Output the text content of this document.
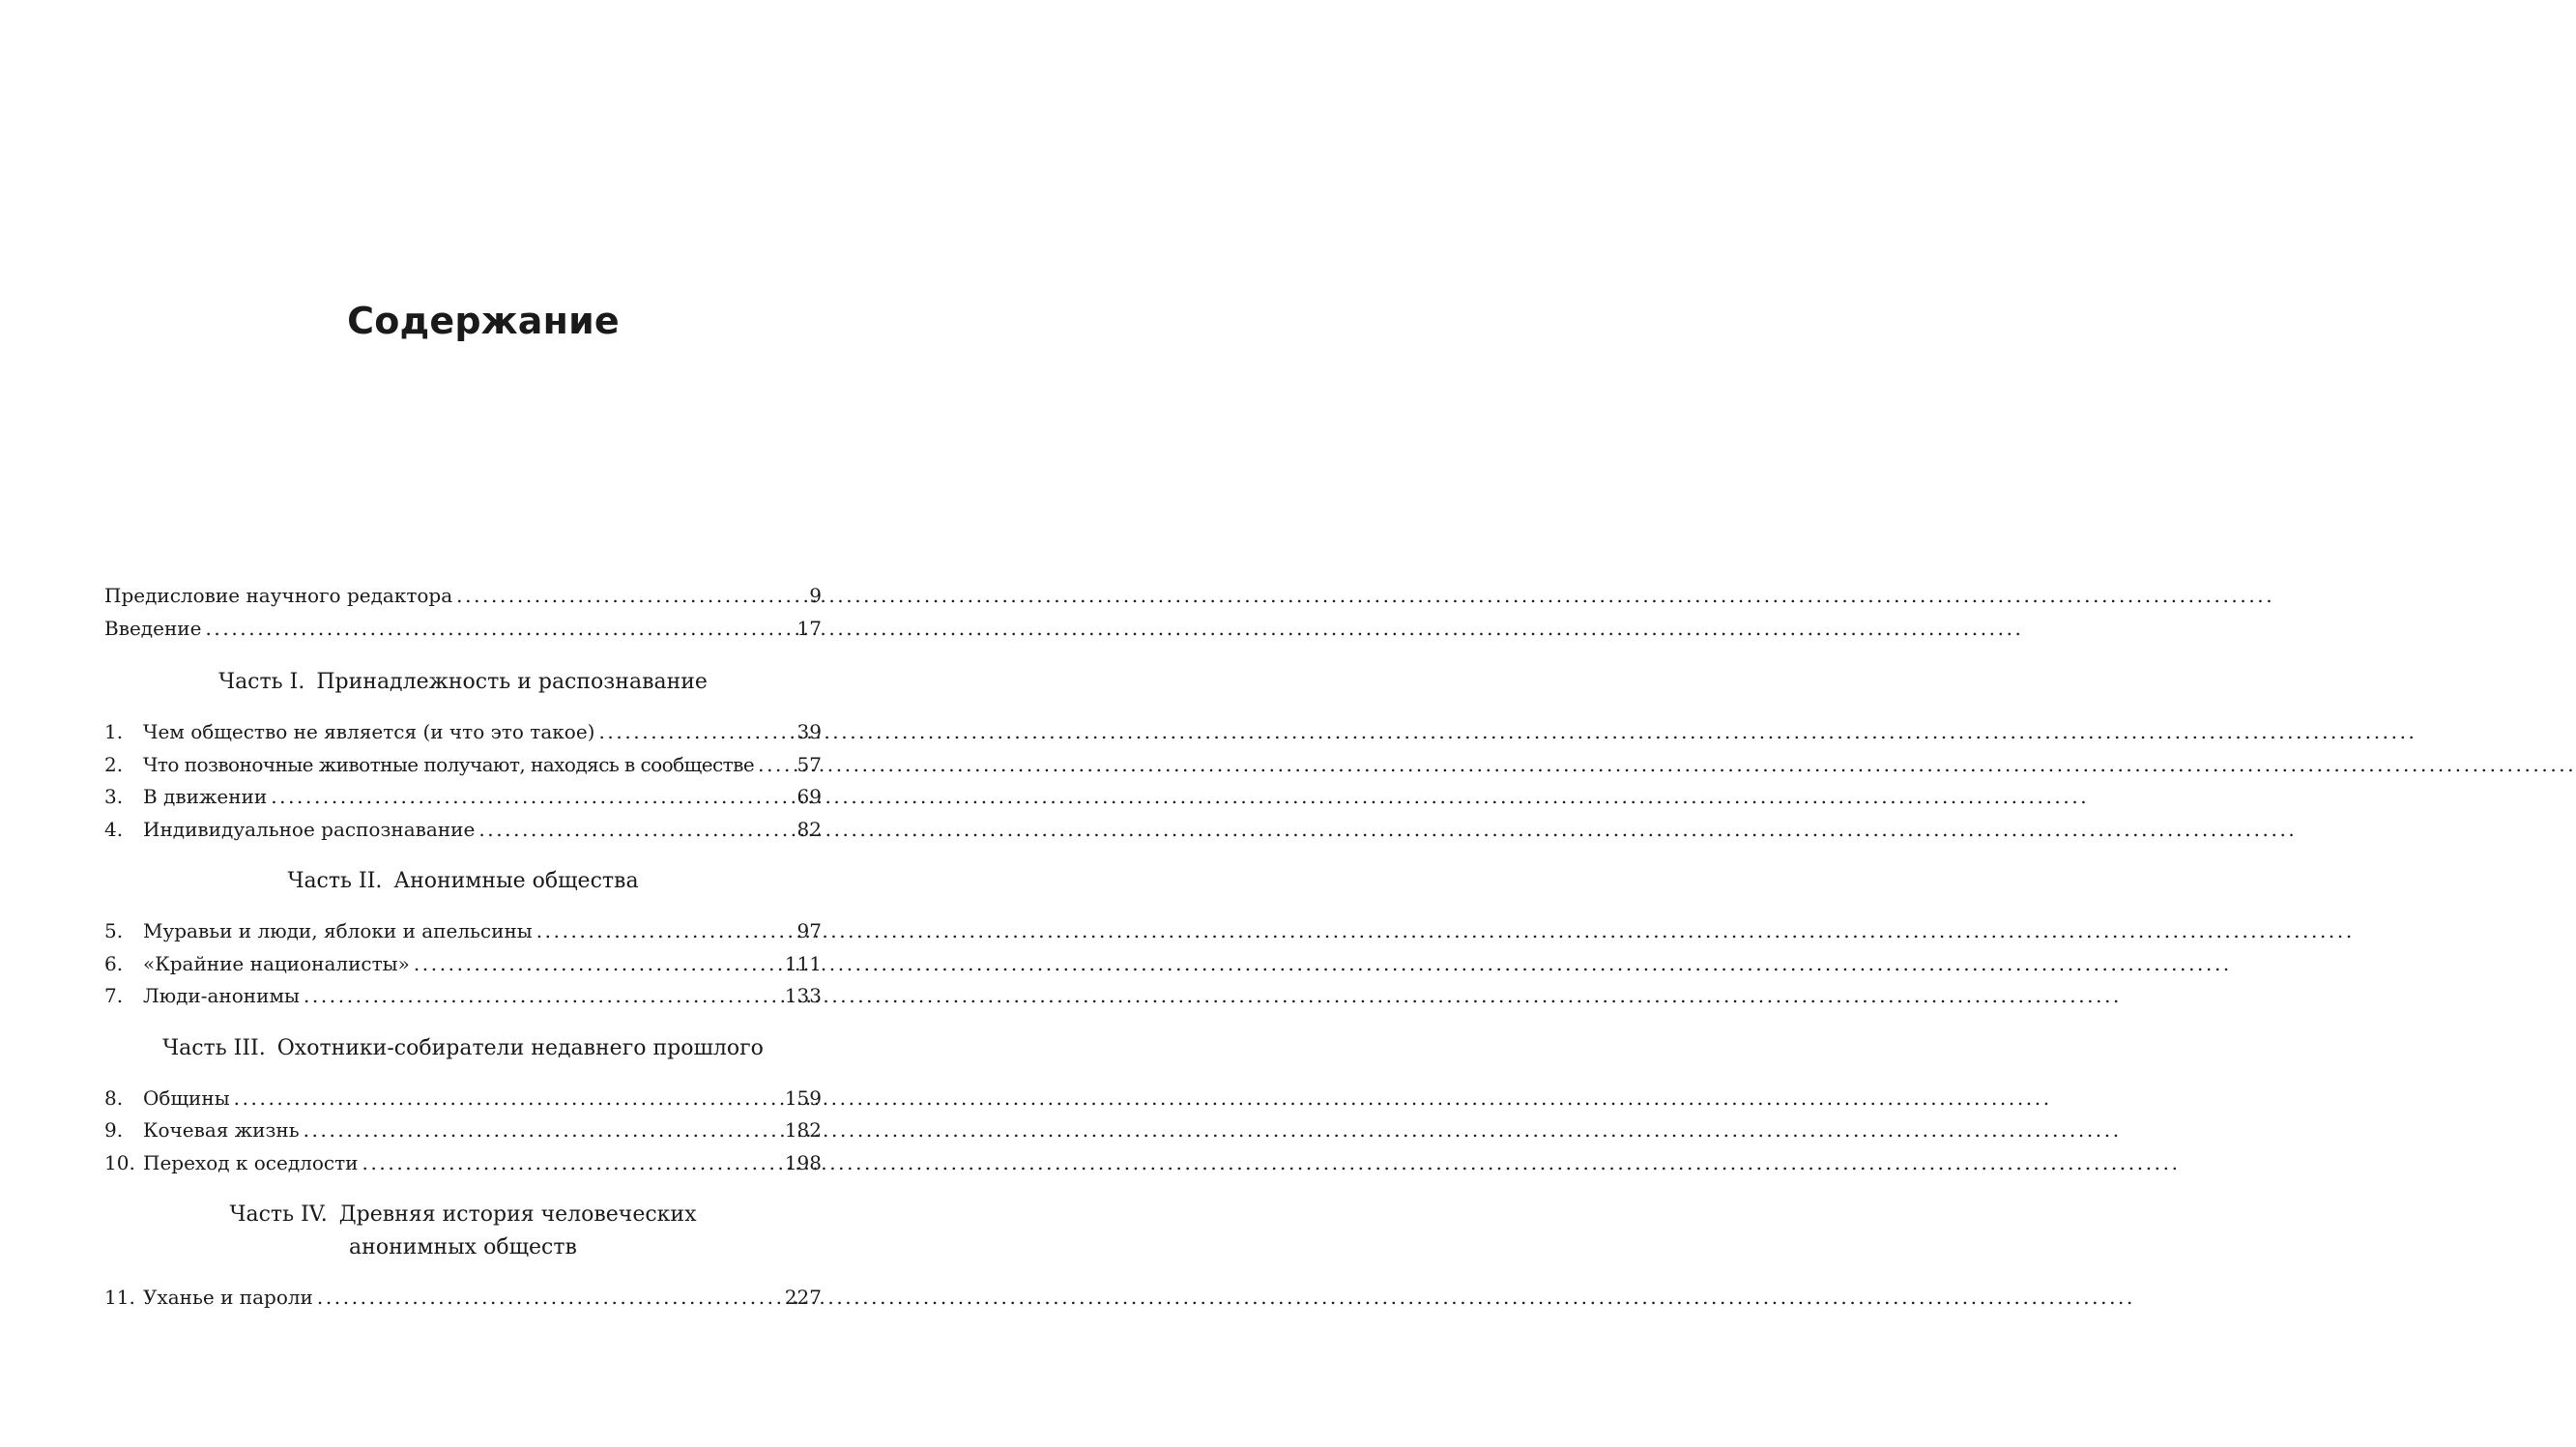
Содержание
Предисловие научного редактора .....	9
Введение .....	17
Часть I. Принадлежность и распознавание
1.	Чем общество не является (и что это такое) .....	39
2.	Что позвоночные животные получают, находясь в сообществе ..... 57
3.	В движении .....	69
4.	Индивидуальное распознавание .....	82
Часть II. Анонимные общества
5.	Муравьи и люди, яблоки и апельсины .....	97
6.	«Крайние националисты» .....	111
7.	Люди-анонимы .....	133
Часть III. Охотники-собиратели недавнего прошлого
8.	Общины .....	159
9.	Кочевая жизнь .....	182
10. Переход к оседлости .....	198
Часть IV. Древняя история человеческих
анонимных обществ
11. Уханье и пароли .....	227
